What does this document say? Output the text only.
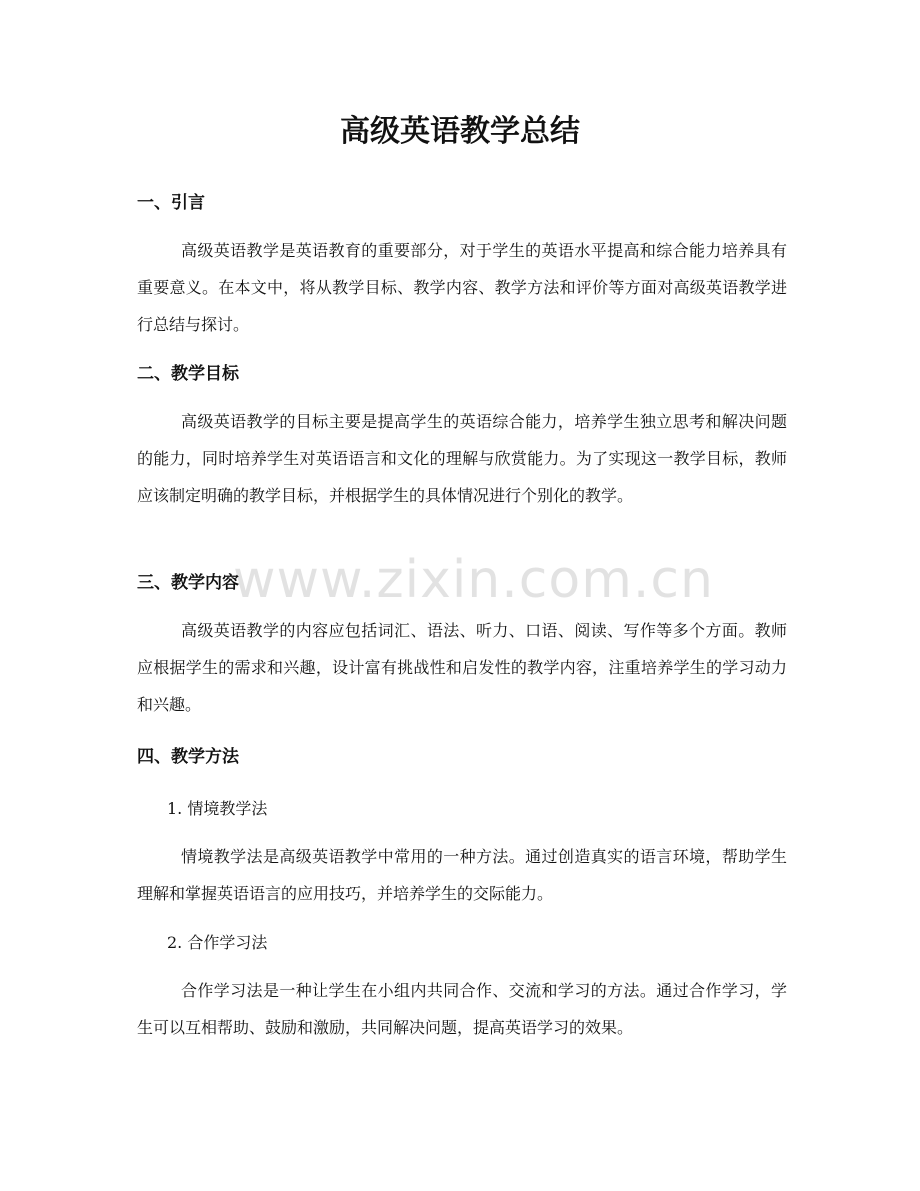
www.zixin.com.cn
高级英语教学总结
一、引言

高级英语教学是英语教育的重要部分，对于学生的英语水平提高和综合能力培养具有重要意义。在本文中，将从教学目标、教学内容、教学方法和评价等方面对高级英语教学进行总结与探讨。

二、教学目标

高级英语教学的目标主要是提高学生的英语综合能力，培养学生独立思考和解决问题的能力，同时培养学生对英语语言和文化的理解与欣赏能力。为了实现这一教学目标，教师应该制定明确的教学目标，并根据学生的具体情况进行个别化的教学。

三、教学内容

高级英语教学的内容应包括词汇、语法、听力、口语、阅读、写作等多个方面。教师应根据学生的需求和兴趣，设计富有挑战性和启发性的教学内容，注重培养学生的学习动力和兴趣。

四、教学方法
1. 情境教学法

情境教学法是高级英语教学中常用的一种方法。通过创造真实的语言环境，帮助学生理解和掌握英语语言的应用技巧，并培养学生的交际能力。

2. 合作学习法

合作学习法是一种让学生在小组内共同合作、交流和学习的方法。通过合作学习，学生可以互相帮助、鼓励和激励，共同解决问题，提高英语学习的效果。
